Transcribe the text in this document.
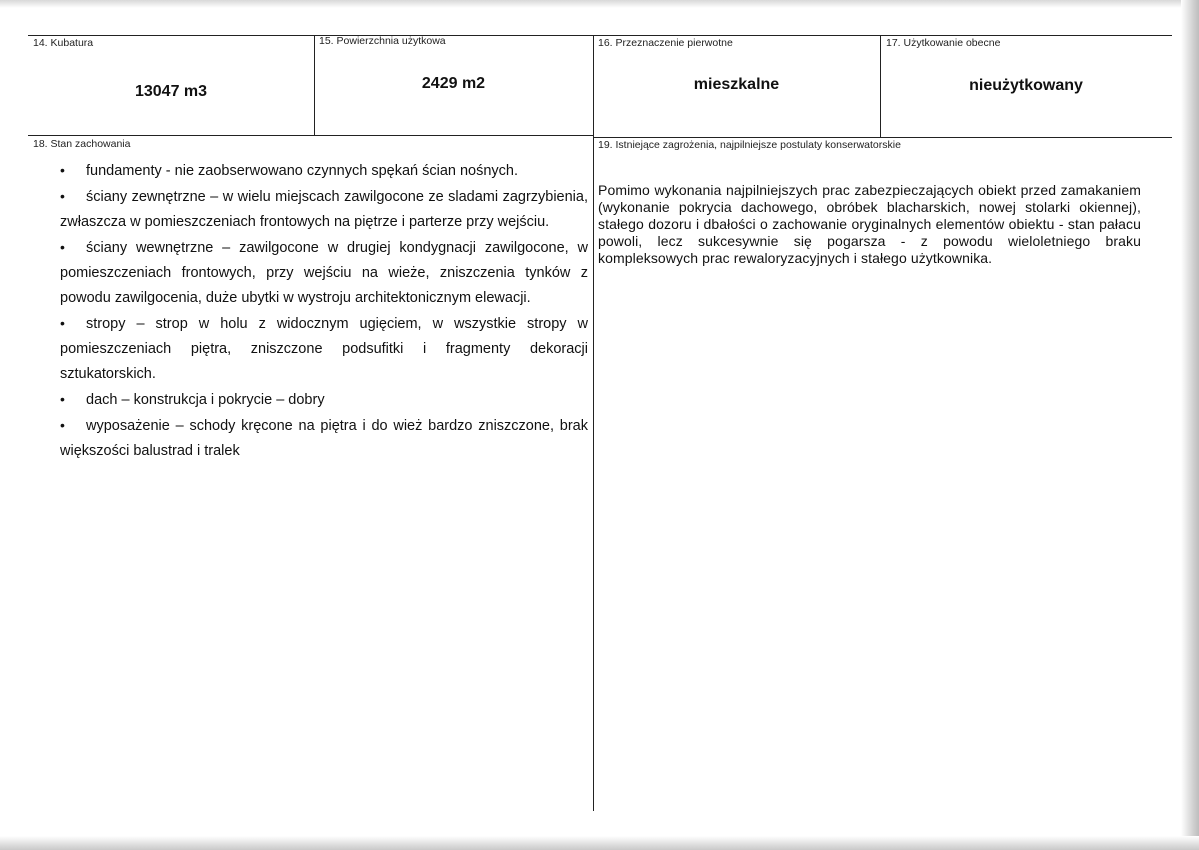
14. Kubatura
13047 m3
15. Powierzchnia użytkowa
2429 m2
16. Przeznaczenie pierwotne
mieszkalne
17. Użytkowanie obecne
nieużytkowany
18. Stan zachowania

• fundamenty - nie zaobserwowano czynnych spękań ścian nośnych.

• ściany zewnętrzne – w wielu miejscach zawilgocone ze sladami zagrzybienia, zwłaszcza w pomieszczeniach frontowych na piętrze i parterze przy wejściu.

• ściany wewnętrzne – zawilgocone w drugiej kondygnacji zawilgocone, w pomieszczeniach frontowych, przy wejściu na wieże, zniszczenia tynków z powodu zawilgocenia, duże ubytki w wystroju architektonicznym elewacji.

• stropy – strop w holu z widocznym ugięciem, w wszystkie stropy w pomieszczeniach piętra, zniszczone podsufitki i fragmenty dekoracji sztukatorskich.

• dach – konstrukcja i pokrycie – dobry

• wyposażenie – schody kręcone na piętra i do wież bardzo zniszczone, brak większości balustrad i tralek

19. Istniejące zagrożenia, najpilniejsze postulaty konserwatorskie
Pomimo wykonania najpilniejszych prac zabezpieczających obiekt przed zamakaniem (wykonanie pokrycia dachowego, obróbek blacharskich, nowej stolarki okiennej), stałego dozoru i dbałości o zachowanie oryginalnych elementów obiektu - stan pałacu powoli, lecz sukcesywnie się pogarsza - z powodu wieloletniego braku kompleksowych prac rewaloryzacyjnych i stałego użytkownika.
